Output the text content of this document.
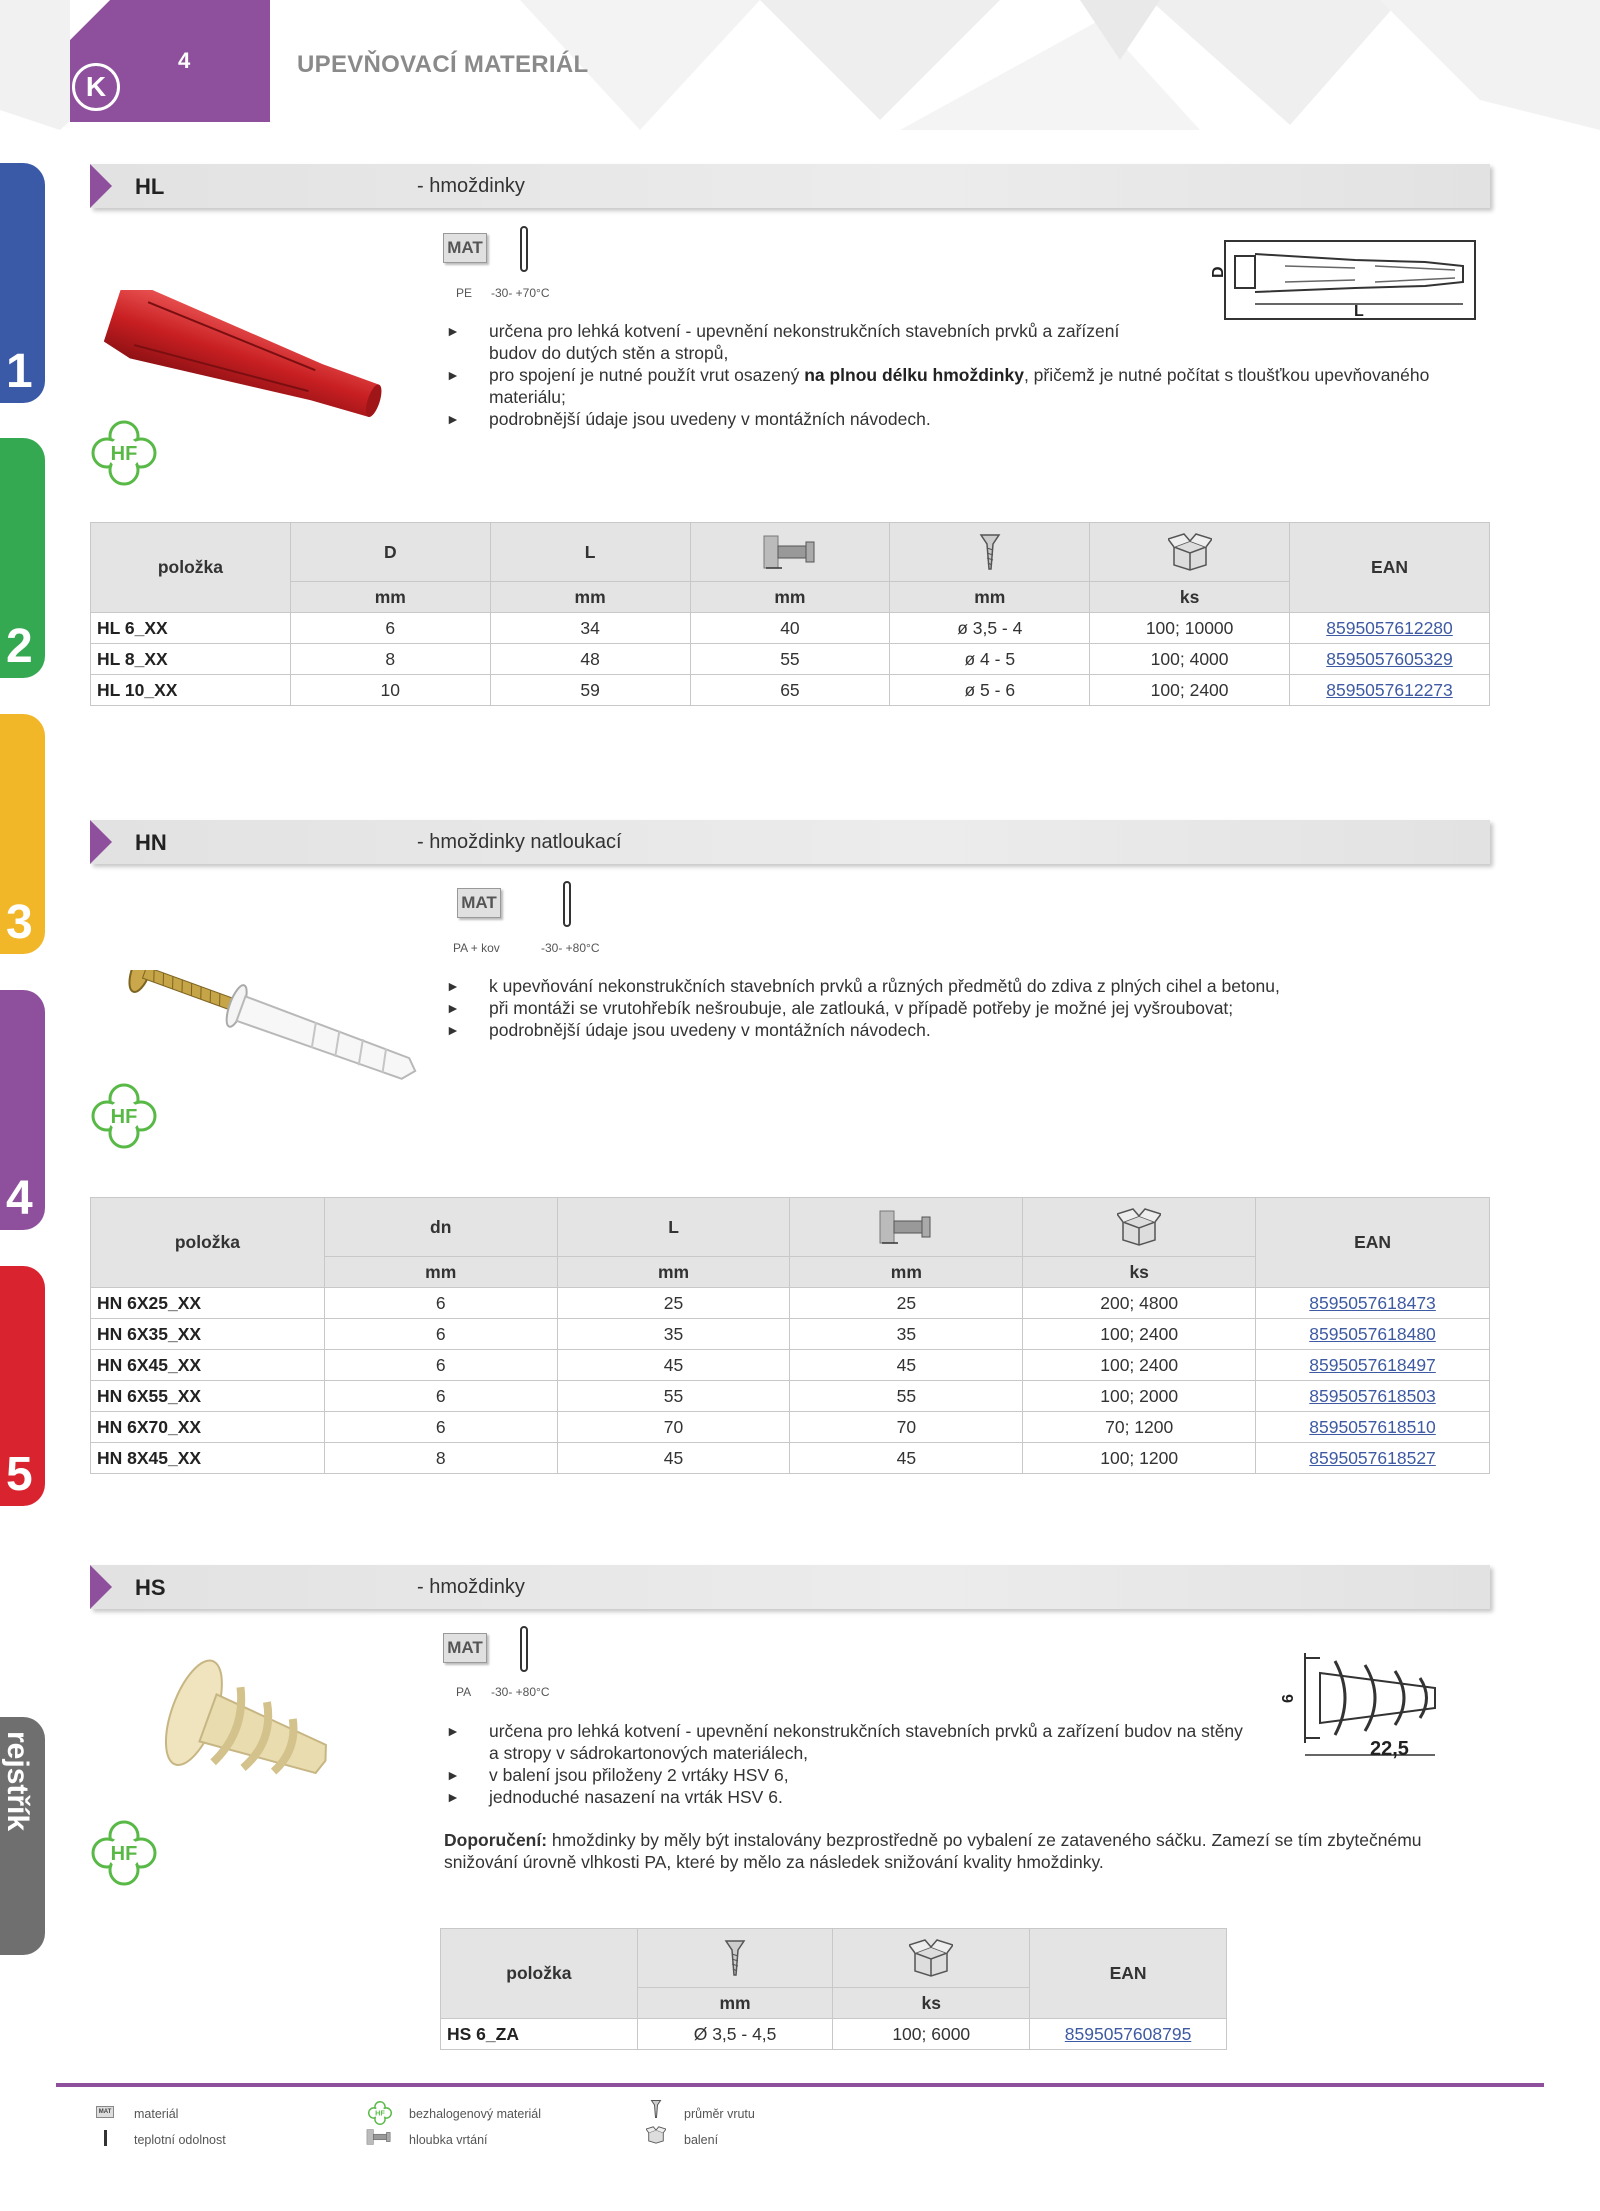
K
4	UPEVŇOVACÍ MATERIÁL
1
2
3
4
5
rejstřík
HL	- hmoždinky
MAT
PE -30- +70°C
L
D
► určena pro lehká kotvení - upevnění nekonstrukčních stavebních prvků a zařízení budov do dutých stěn a stropů,
► pro spojení je nutné použít vrut osazený na plnou délku hmoždinky, přičemž je nutné počítat s tloušťkou upevňovaného materiálu;
► podrobnější údaje jsou uvedeny v montážních návodech.
HF
položka	D	L				EAN
	mm	mm	mm	mm	ks	
HL 6_XX	6	34	40	ø 3,5 - 4	100; 10000	8595057612280
HL 8_XX	8	48	55	ø 4 - 5	100; 4000	8595057605329
HL 10_XX	10	59	65	ø 5 - 6	100; 2400	8595057612273
HN	- hmoždinky natloukací
MAT
PA + kov	-30- +80°C
► k upevňování nekonstrukčních stavebních prvků a různých předmětů do zdiva z plných cihel a betonu,
► při montáži se vrutohřebík nešroubuje, ale zatlouká, v případě potřeby je možné jej vyšroubovat;
► podrobnější údaje jsou uvedeny v montážních návodech.
HF
položka	dn	L			EAN
	mm	mm	mm	ks	
HN 6X25_XX	6	25	25	200; 4800	8595057618473
HN 6X35_XX	6	35	35	100; 2400	8595057618480
HN 6X45_XX	6	45	45	100; 2400	8595057618497
HN 6X55_XX	6	55	55	100; 2000	8595057618503
HN 6X70_XX	6	70	70	70; 1200	8595057618510
HN 8X45_XX	8	45	45	100; 1200	8595057618527
HS	- hmoždinky
MAT
PA -30- +80°C
22,5
6
► určena pro lehká kotvení - upevnění nekonstrukčních stavebních prvků a zařízení budov na stěny a stropy v sádrokartonových materiálech,
► v balení jsou přiloženy 2 vrtáky HSV 6,
► jednoduché nasazení na vrták HSV 6.
Doporučení: hmoždinky by měly být instalovány bezprostředně po vybalení ze zataveného sáčku. Zamezí se tím zbytečnému snižování úrovně vlhkosti PA, které by mělo za následek snižování kvality hmoždinky.
HF
položka			EAN
	mm	ks	
HS 6_ZA	Ø 3,5 - 4,5	100; 6000	8595057608795
MAT materiál
teplotní odolnost
HF bezhalogenový materiál
hloubka vrtání
průměr vrutu
balení
